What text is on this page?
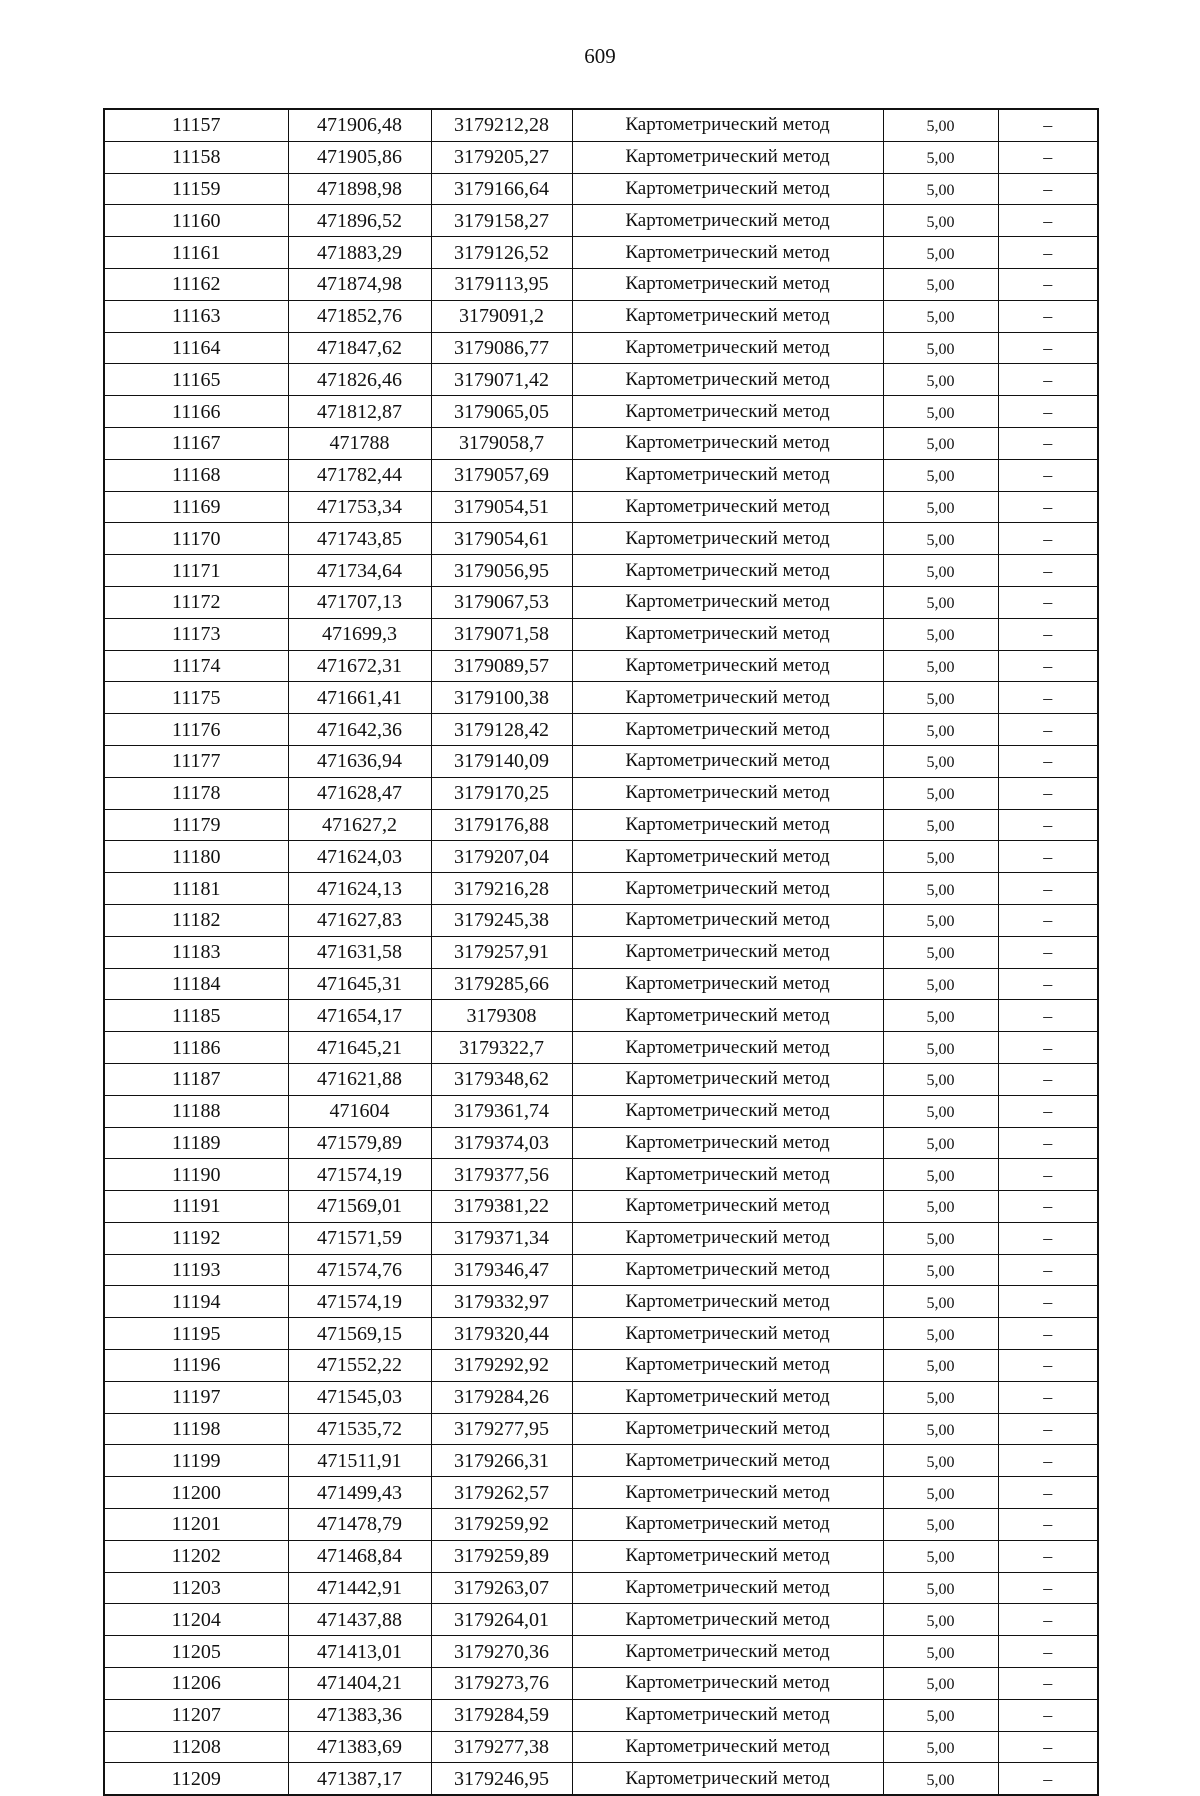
609
11157	471906,48	3179212,28	Картометрический метод	5,00	–
11158	471905,86	3179205,27	Картометрический метод	5,00	–
11159	471898,98	3179166,64	Картометрический метод	5,00	–
11160	471896,52	3179158,27	Картометрический метод	5,00	–
11161	471883,29	3179126,52	Картометрический метод	5,00	–
11162	471874,98	3179113,95	Картометрический метод	5,00	–
11163	471852,76	3179091,2	Картометрический метод	5,00	–
11164	471847,62	3179086,77	Картометрический метод	5,00	–
11165	471826,46	3179071,42	Картометрический метод	5,00	–
11166	471812,87	3179065,05	Картометрический метод	5,00	–
11167	471788	3179058,7	Картометрический метод	5,00	–
11168	471782,44	3179057,69	Картометрический метод	5,00	–
11169	471753,34	3179054,51	Картометрический метод	5,00	–
11170	471743,85	3179054,61	Картометрический метод	5,00	–
11171	471734,64	3179056,95	Картометрический метод	5,00	–
11172	471707,13	3179067,53	Картометрический метод	5,00	–
11173	471699,3	3179071,58	Картометрический метод	5,00	–
11174	471672,31	3179089,57	Картометрический метод	5,00	–
11175	471661,41	3179100,38	Картометрический метод	5,00	–
11176	471642,36	3179128,42	Картометрический метод	5,00	–
11177	471636,94	3179140,09	Картометрический метод	5,00	–
11178	471628,47	3179170,25	Картометрический метод	5,00	–
11179	471627,2	3179176,88	Картометрический метод	5,00	–
11180	471624,03	3179207,04	Картометрический метод	5,00	–
11181	471624,13	3179216,28	Картометрический метод	5,00	–
11182	471627,83	3179245,38	Картометрический метод	5,00	–
11183	471631,58	3179257,91	Картометрический метод	5,00	–
11184	471645,31	3179285,66	Картометрический метод	5,00	–
11185	471654,17	3179308	Картометрический метод	5,00	–
11186	471645,21	3179322,7	Картометрический метод	5,00	–
11187	471621,88	3179348,62	Картометрический метод	5,00	–
11188	471604	3179361,74	Картометрический метод	5,00	–
11189	471579,89	3179374,03	Картометрический метод	5,00	–
11190	471574,19	3179377,56	Картометрический метод	5,00	–
11191	471569,01	3179381,22	Картометрический метод	5,00	–
11192	471571,59	3179371,34	Картометрический метод	5,00	–
11193	471574,76	3179346,47	Картометрический метод	5,00	–
11194	471574,19	3179332,97	Картометрический метод	5,00	–
11195	471569,15	3179320,44	Картометрический метод	5,00	–
11196	471552,22	3179292,92	Картометрический метод	5,00	–
11197	471545,03	3179284,26	Картометрический метод	5,00	–
11198	471535,72	3179277,95	Картометрический метод	5,00	–
11199	471511,91	3179266,31	Картометрический метод	5,00	–
11200	471499,43	3179262,57	Картометрический метод	5,00	–
11201	471478,79	3179259,92	Картометрический метод	5,00	–
11202	471468,84	3179259,89	Картометрический метод	5,00	–
11203	471442,91	3179263,07	Картометрический метод	5,00	–
11204	471437,88	3179264,01	Картометрический метод	5,00	–
11205	471413,01	3179270,36	Картометрический метод	5,00	–
11206	471404,21	3179273,76	Картометрический метод	5,00	–
11207	471383,36	3179284,59	Картометрический метод	5,00	–
11208	471383,69	3179277,38	Картометрический метод	5,00	–
11209	471387,17	3179246,95	Картометрический метод	5,00	–
